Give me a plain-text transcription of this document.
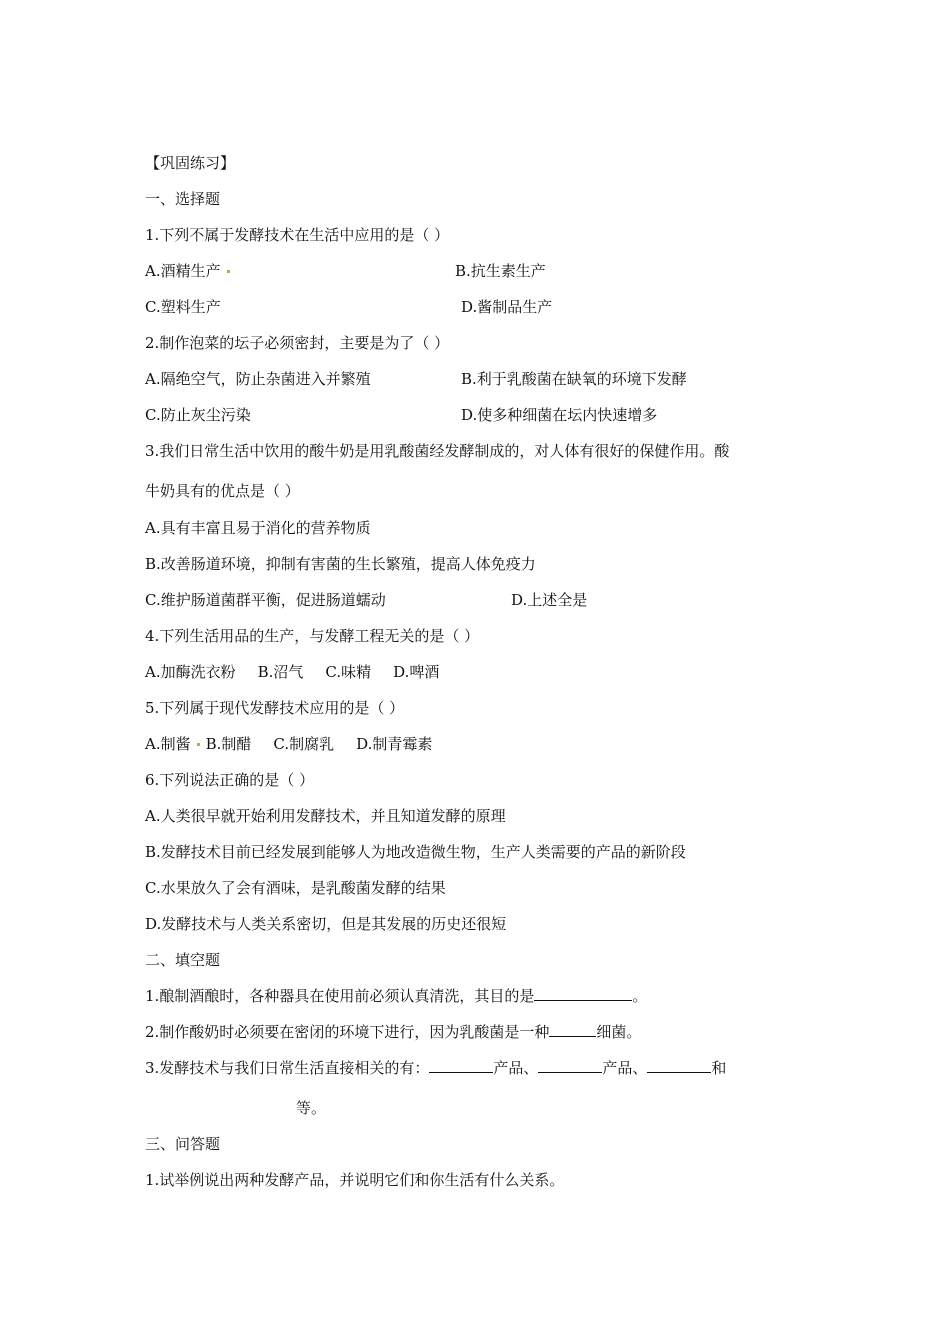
【巩固练习】
一、选择题
1.下列不属于发酵技术在生活中应用的是（ ）
A.酒精生产	B.抗生素生产
C.塑料生产	D.酱制品生产
2.制作泡菜的坛子必须密封，主要是为了（ ）
A.隔绝空气，防止杂菌进入并繁殖	B.利于乳酸菌在缺氧的环境下发酵
C.防止灰尘污染	D.使多种细菌在坛内快速增多
3.我们日常生活中饮用的酸牛奶是用乳酸菌经发酵制成的，对人体有很好的保健作用。酸
牛奶具有的优点是（ ）
A.具有丰富且易于消化的营养物质
B.改善肠道环境，抑制有害菌的生长繁殖，提高人体免疫力
C.维护肠道菌群平衡，促进肠道蠕动	D.上述全是
4.下列生活用品的生产，与发酵工程无关的是（ ）
A.加酶洗衣粉 B.沼气 C.味精 D.啤酒
5.下列属于现代发酵技术应用的是（ ）
A.制酱 B.制醋 C.制腐乳 D.制青霉素
6.下列说法正确的是（ ）
A.人类很早就开始利用发酵技术，并且知道发酵的原理
B.发酵技术目前已经发展到能够人为地改造微生物，生产人类需要的产品的新阶段
C.水果放久了会有酒味，是乳酸菌发酵的结果
D.发酵技术与人类关系密切，但是其发展的历史还很短
二、填空题
1.酿制酒酿时，各种器具在使用前必须认真清洗，其目的是	。
2.制作酸奶时必须要在密闭的环境下进行，因为乳酸菌是一种	细菌。
3.发酵技术与我们日常生活直接相关的有：	产品、	产品、	和
等。
三、问答题
1.试举例说出两种发酵产品，并说明它们和你生活有什么关系。
